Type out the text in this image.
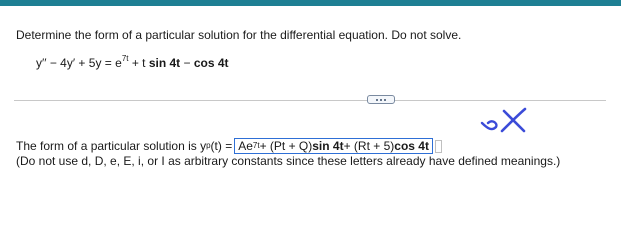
Determine the form of a particular solution for the differential equation. Do not solve.
$y'' - 4y' + 5y = e^{7t} + t$ sin 4t − cos 4t
The form of a particular solution is y p (t) = Ae 7t + (Pt + Q) sin 4t + (Rt + 5) cos 4t
(Do not use d, D, e, E, i, or I as arbitrary constants since these letters already have defined meanings.)
